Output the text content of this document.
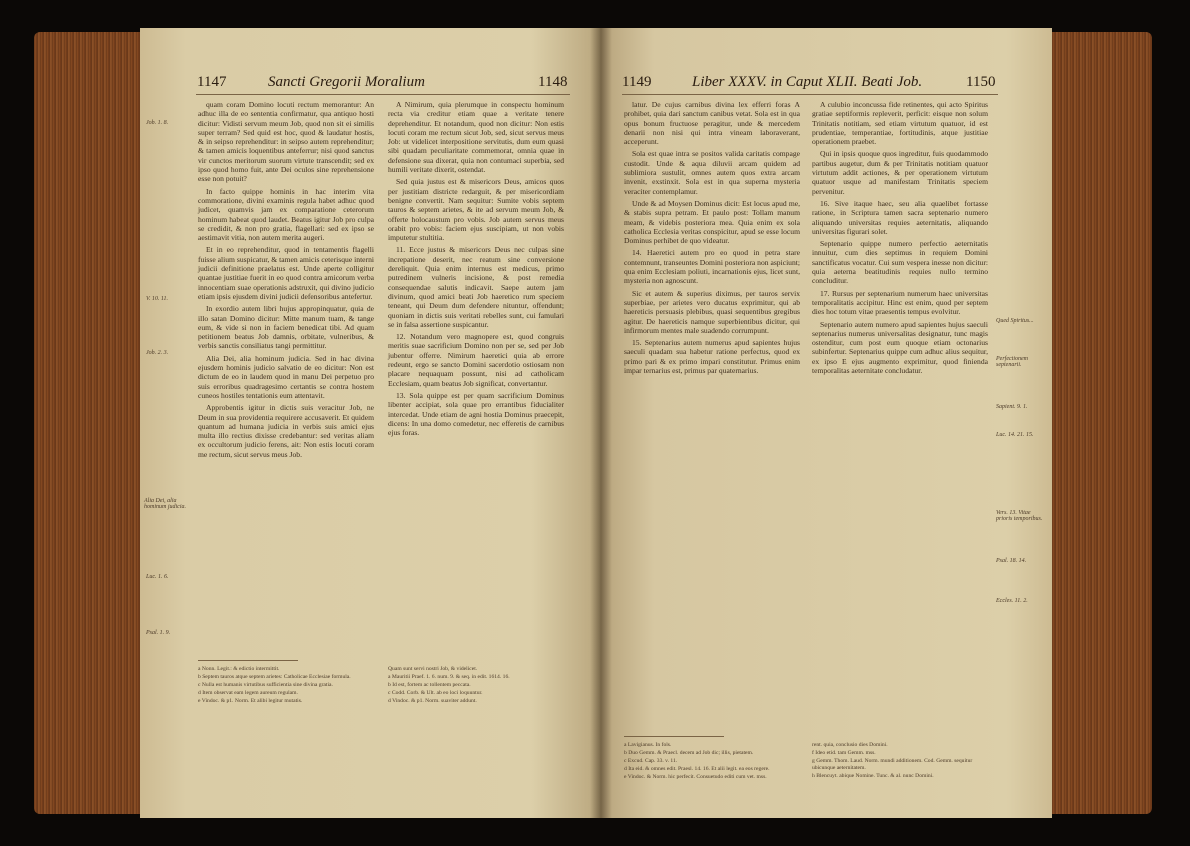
1147	Sancti Gregorii Moralium	1148
Job. 1. 8.
V. 10. 11.
Job. 2. 3.
Alia Dei, alia hominum judicia.
Luc. 1. 6.
Psal. 1. 9.

quam coram Domino locuti rectum memorantur: An adhuc illa de eo sententia confirmatur, qua antiquo hosti dicitur: Vidisti servum meum Job, quod non sit ei similis super terram? Sed quid est hoc, quod & laudatur hostis, & in seipso reprehenditur: in seipso autem reprehenditur; & tamen amicis loquentibus anteferrur; nisi quod sanctus vir cunctos meritorum suorum virtute transcendit; sed ex ipso quod homo fuit, ante Dei oculos sine reprehensione esse non potuit?

In facto quippe hominis in hac interim vita commoratione, divini examinis regula habet adhuc quod judicet, quamvis jam ex comparatione ceterorum hominum habeat quod laudet. Beatus igitur Job pro culpa se credidit, & non pro gratia, flagellari: sed ex ipso se aestimavit vitia, non autem merita augeri.

Et in eo reprehenditur, quod in tentamentis flagelli fuisse alium suspicatur, & tamen amicis ceterisque interni judicii definitione praelatus est. Unde aperte colligitur quantae justitiae fuerit in eo quod contra amicorum verba innocentiam suae operationis adstruxit, qui divino judicio etiam ipsis ejusdem divini judicii defensoribus antefertur.

In exordio autem libri hujus appropinquatur, quia de illo satan Domino dicitur: Mitte manum tuam, & tange eum, & vide si non in faciem benedicat tibi. Ad quam petitionem beatus Job damnis, orbitate, vulneribus, & verbis sanctis consiliatus tangi permittitur.

Alia Dei, alia hominum judicia. Sed in hac divina ejusdem hominis judicio salvatio de eo dicitur: Non est dictum de eo in laudem quod in manu Dei perpetuo pro suis erroribus quadragesimo certantis se contra hostem cuneos hostiles tentationis eum attentavit.

Approbentis igitur in dictis suis veracitur Job, ne Deum in sua providentia requirere accusaverit. Et quidem quantum ad humana judicia in verbis suis amici ejus multa illo rectius dixisse credebantur: sed veritas aliam ex occultorum judicio ferens, ait: Non estis locuti coram me rectum, sicut servus meus Job.

A Nimirum, quia plerumque in conspectu hominum recta via creditur etiam quae a veritate tenere deprehenditur. Et notandum, quod non dicitur: Non estis locuti coram me rectum sicut Job, sed, sicut servus meus Job: ut videlicet interpositione servitutis, dum eum quasi sibi quadam peculiaritate commemorat, omnia quae in defensione sua dixerat, quia non contumaci superbia, sed humili veritate dixerit, ostendat.

Sed quia justus est & misericors Deus, amicos quos per justitiam districte redarguit, & per misericordiam benigne convertit. Nam sequitur: Sumite vobis septem tauros & septem arietes, & ite ad servum meum Job, & offerte holocaustum pro vobis. Job autem servus meus orabit pro vobis: faciem ejus suscipiam, ut non vobis imputetur stultitia.

11. Ecce justus & misericors Deus nec culpas sine increpatione deserit, nec reatum sine conversione dereliquit. Quia enim internus est medicus, primo putredinem vulneris incisione, & post remedia consequendae salutis indicavit. Saepe autem jam divinum, quod amici beati Job haeretico rum speciem teneant, qui Deum dum defendere nituntur, offendunt; quoniam in dictis suis veritati rebelles sunt, cui famulari se in falsa assertione suspicantur.

12. Notandum vero magnopere est, quod congruis meritis suae sacrificium Domino non per se, sed per Job jubentur offerre. Nimirum haeretici quia ab errore redeunt, ergo se sancto Domini sacerdotio ostiosam non placare nequaquam possunt, nisi ad catholicam Ecclesiam, quam beatus Job significat, convertantur.

13. Sola quippe est per quam sacrificium Dominus libenter accipiat, sola quae pro errantibus fiducialiter intercedat. Unde etiam de agni hostia Dominus praecepit, dicens: In una domo comedetur, nec efferetis de carnibus ejus foras.

a Nonn. Legit.: & edictio intermittit.
b Septem tauros atque septem arietes: Catholicae Ecclesiae formula.
c Nulla est humanis virtutibus sufficientia sine divina gratia.
d Item observat eam legem aureum regulam.
e Vindoc. & p1. Norm. Et alibi legitur mutatis.
Quam sunt servi nostri Job, & videlicet.
a Mauritii Praef. 1. 6. num. 9. & seq. in edit. 1614. 16.
b Id est, fortem ac tollentem peccata.
c Codd. Corb. & Ult. ab eo loci loquuntur.
d Vindoc. & p1. Norm. suaviter addunt.
1149	Liber XXXV. in Caput XLII. Beati Job.	1150

latur. De cujus carnibus divina lex efferri foras A prohibet, quia dari sanctum canibus vetat. Sola est in qua opus bonum fructuose peragitur, unde & mercedem denarii non nisi qui intra vineam laboraverant, acceperunt.

Sola est quae intra se positos valida caritatis compage custodit. Unde & aqua diluvii arcam quidem ad sublimiora sustulit, omnes autem quos extra arcam invenit, exstinxit. Sola est in qua superna mysteria veraciter contemplamur.

Unde & ad Moysen Dominus dicit: Est locus apud me, & stabis supra petram. Et paulo post: Tollam manum meam, & videbis posteriora mea. Quia enim ex sola catholica Ecclesia veritas conspicitur, apud se esse locum Dominus perhibet de quo videatur.

14. Haeretici autem pro eo quod in petra stare contemnunt, transeuntes Domini posteriora non aspiciunt; qua enim Ecclesiam poliuti, incarnationis ejus, licet sunt, mysteria non agnoscunt.

Sic et autem & superius diximus, per tauros servix superbiae, per arietes vero ducatus exprimitur, qui ab haereticis persuasis plebibus, quasi sequentibus gregibus agitur. De haereticis namque superbientibus dicitur, qui infirmorum mentes male suadendo corrumpunt.

15. Septenarius autem numerus apud sapientes hujus saeculi quadam sua habetur ratione perfectus, quod ex primo pari & ex primo impari constitutur. Primus enim impar ternarius est, primus par quaternarius.

A culubio inconcussa fide retinentes, qui acto Spiritus gratiae septiformis repleverit, perficit: eisque non solum Trinitatis notitiam, sed etiam virtutum quatuor, id est prudentiae, temperantiae, fortitudinis, atque justitiae operationem praebet.

Qui in ipsis quoque quos ingreditur, fuis quodammodo partibus augetur, dum & per Trinitatis notitiam quatuor virtutum addit actiones, & per operationem virtutum quatuor usque ad manifestam Trinitatis speciem pervenitur.

16. Sive itaque haec, seu alia quaelibet fortasse ratione, in Scriptura tamen sacra septenario numero aliquando universitas requies aeternitatis, aliquando universitas figurari solet.

Septenario quippe numero perfectio aeternitatis innuitur, cum dies septimus in requiem Domini sanctificatus vocatur. Cui sum vespera inesse non dicitur: quia aeterna beatitudinis requies nullo termino concluditur.

17. Rursus per septenarium numerum haec universitas temporalitatis accipitur. Hinc est enim, quod per septem dies hoc totum vitae praesentis tempus evolvitur.

Septenario autem numero apud sapientes hujus saeculi septenarius numerus universalitas designatur, tunc magis ostenditur, cum post eum quoque etiam octonarius subinfertur. Septenarius quippe cum adhuc alius sequitur, ex ipso E ejus augmento exprimitur, quod finienda temporalitas aeternitate concludatur.

Qued Spiritus...
Perfectionem septenarii.
Sapient. 9. 1.
Luc. 14. 21. 15.
Vers. 13. Vitae prioris temporibus.
Psal. 18. 14.
Eccles. 11. 2.
a Lavigianus. In fols.
b Duo Gemm. & Praecl. decem ad Job dic; illis, pietatem.
c Excud. Cap. 33. v. 11.
d Ita eid. & omnes edit. Praesl. 14. 16. Et alii legit. ea eos regere.
e Vindoc. & Norm. hic perfecit. Consuetudo editi cum vet. mss.
rent. quia, conclusio dies Domini.
f Ideo etid. tam Gemm. mss.
g Gemm. Thom. Laud. Norm. mundi additionem. Cod. Gemm. sequitur ubicunque aeternitatem.
h Blencuyt. abique Nomine. Tunc. & al. nunc Domini.
